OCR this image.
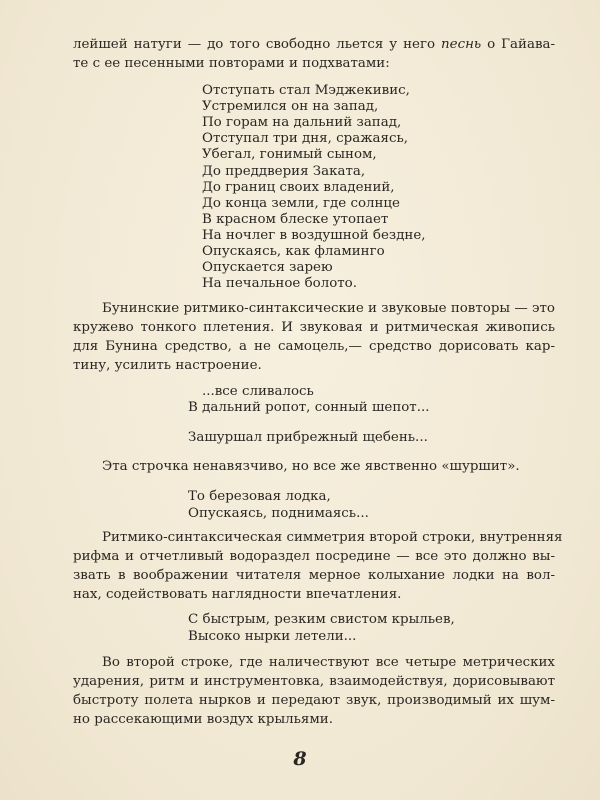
лейшей натуги — до того свободно льется у него песнь о Гайава-
те с ее песенными повторами и подхватами:
Отступать стал Мэджекивис,
Устремился он на запад,
По горам на дальний запад,
Отступал три дня, сражаясь,
Убегал, гонимый сыном,
До преддверия Заката,
До границ своих владений,
До конца земли, где солнце
В красном блеске утопает
На ночлег в воздушной бездне,
Опускаясь, как фламинго
Опускается зарею
На печальное болото.
Бунинские ритмико-синтаксические и звуковые повторы — это
кружево тонкого плетения. И звуковая и ритмическая живопись
для Бунина средство, а не самоцель,— средство дорисовать кар-
тину, усилить настроение.
...все сливалось
В дальний ропот, сонный шепот...
Зашуршал прибрежный щебень...
Эта строчка ненавязчиво, но все же явственно «шуршит».
То березовая лодка,
Опускаясь, поднимаясь...
Ритмико-синтаксическая симметрия второй строки, внутренняя
рифма и отчетливый водораздел посредине — все это должно вы-
звать в воображении читателя мерное колыхание лодки на вол-
нах, содействовать наглядности впечатления.
С быстрым, резким свистом крыльев,
Высоко нырки летели...
Во второй строке, где наличествуют все четыре метрических
ударения, ритм и инструментовка, взаимодействуя, дорисовывают
быстроту полета нырков и передают звук, производимый их шум-
но рассекающими воздух крыльями.
8
